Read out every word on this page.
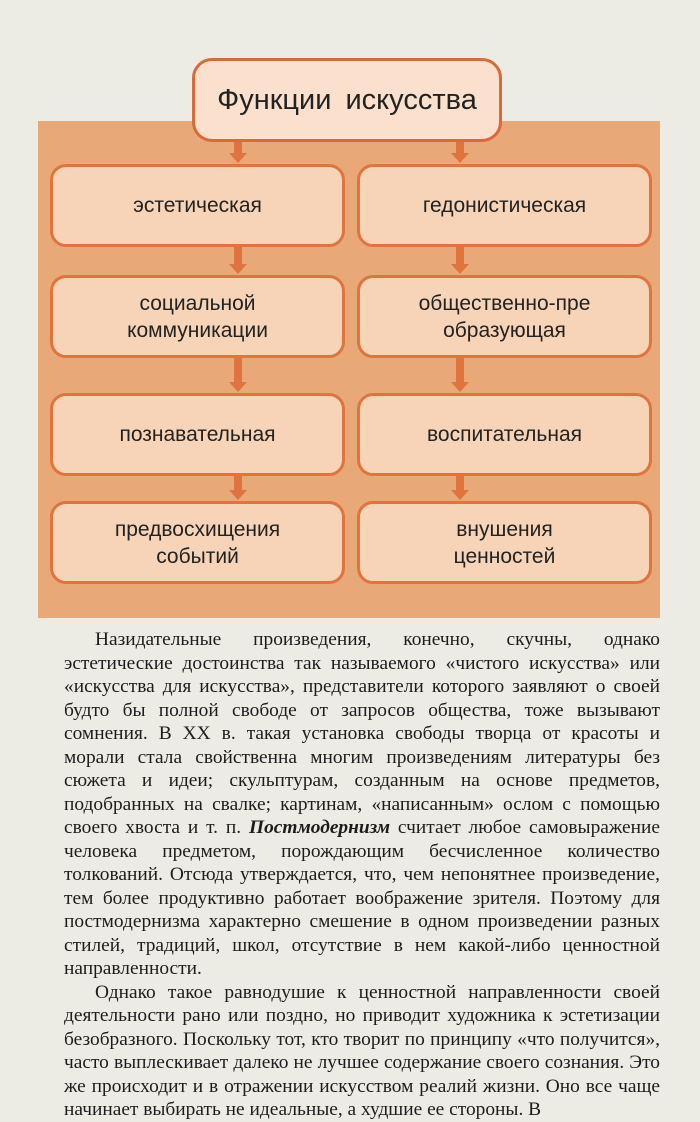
Функции искусства
эстетическая	гедонистическая
социальной коммуникации
общественно-преобразующая
познавательная	воспитательная
предвосхищения событий
внушения ценностей

Назидательные произведения, конечно, скучны, однако эстетические достоинства так называемого «чистого искусства» или «искусства для искусства», представители которого заявляют о своей будто бы полной свободе от запросов общества, тоже вызывают сомнения. В XX в. такая установка свободы творца от красоты и морали стала свойственна многим произведениям литературы без сюжета и идеи; скульптурам, созданным на основе предметов, подобранных на свалке; картинам, «написанным» ослом с помощью своего хвоста и т. п. Постмодернизм считает любое самовыражение человека предметом, порождающим бесчисленное количество толкований. Отсюда утверждается, что, чем непонятнее произведение, тем более продуктивно работает воображение зрителя. Поэтому для постмодернизма характерно смешение в одном произведении разных стилей, традиций, школ, отсутствие в нем какой-либо ценностной направленности.

Однако такое равнодушие к ценностной направленности своей деятельности рано или поздно, но приводит художника к эстетизации безобразного. Поскольку тот, кто творит по принципу «что получится», часто выплескивает далеко не лучшее содержание своего сознания. Это же происходит и в отражении искусством реалий жизни. Оно все чаще начинает выбирать не идеальные, а худшие ее стороны. В
